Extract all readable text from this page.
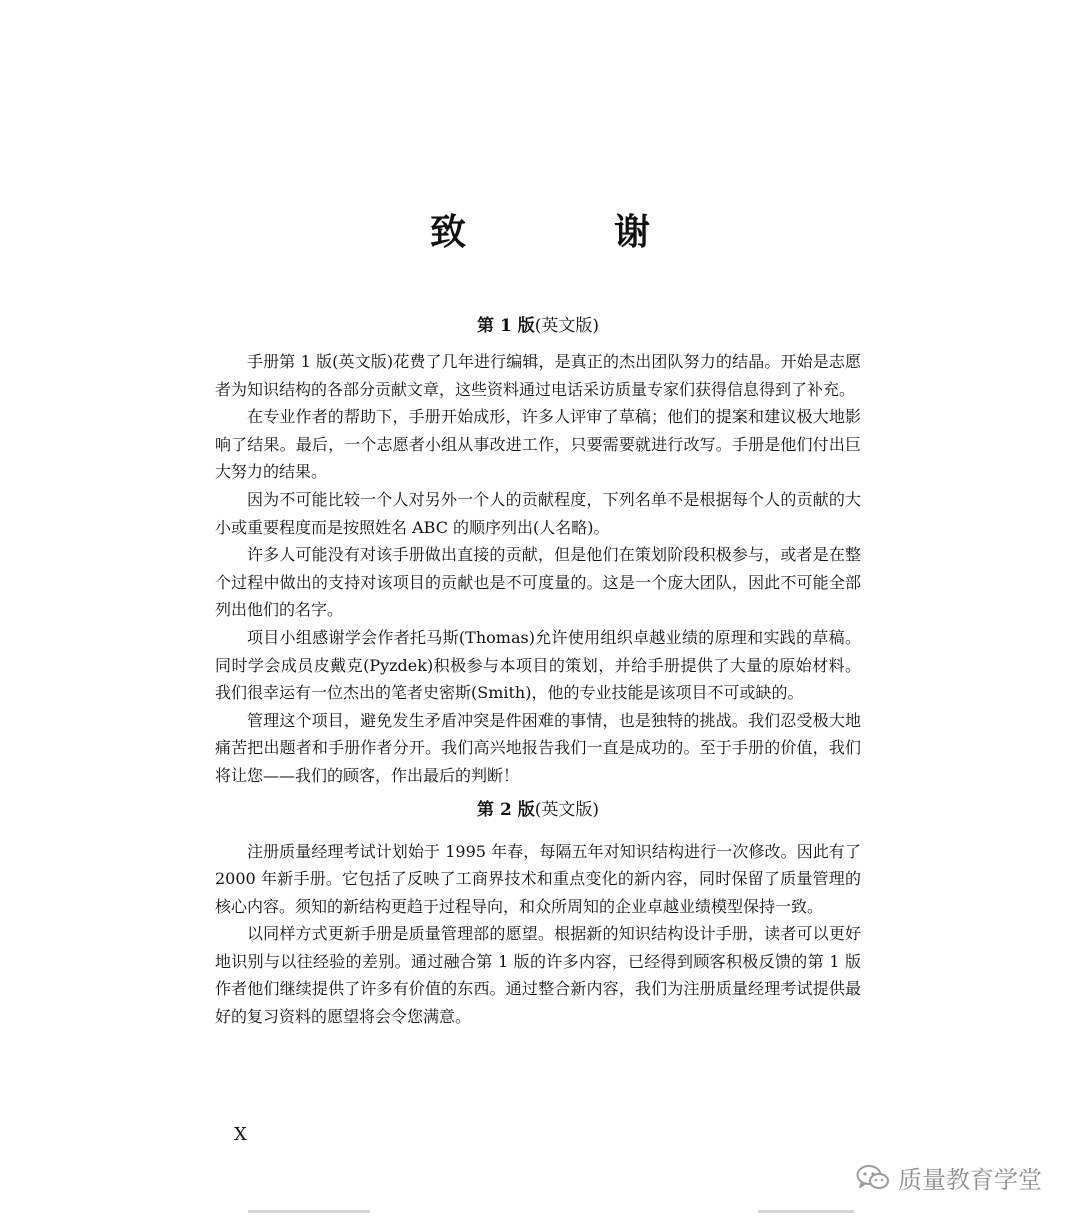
致　谢
第 1 版(英文版)

手册第 1 版(英文版)花费了几年进行编辑，是真正的杰出团队努力的结晶。开始是志愿者为知识结构的各部分贡献文章，这些资料通过电话采访质量专家们获得信息得到了补充。

在专业作者的帮助下，手册开始成形，许多人评审了草稿；他们的提案和建议极大地影响了结果。最后，一个志愿者小组从事改进工作，只要需要就进行改写。手册是他们付出巨大努力的结果。

因为不可能比较一个人对另外一个人的贡献程度，下列名单不是根据每个人的贡献的大小或重要程度而是按照姓名 ABC 的顺序列出(人名略)。

许多人可能没有对该手册做出直接的贡献，但是他们在策划阶段积极参与，或者是在整个过程中做出的支持对该项目的贡献也是不可度量的。这是一个庞大团队，因此不可能全部列出他们的名字。

项目小组感谢学会作者托马斯(Thomas)允许使用组织卓越业绩的原理和实践的草稿。同时学会成员皮戴克(Pyzdek)积极参与本项目的策划，并给手册提供了大量的原始材料。我们很幸运有一位杰出的笔者史密斯(Smith)，他的专业技能是该项目不可或缺的。

管理这个项目，避免发生矛盾冲突是件困难的事情，也是独特的挑战。我们忍受极大地痛苦把出题者和手册作者分开。我们高兴地报告我们一直是成功的。至于手册的价值，我们将让您——我们的顾客，作出最后的判断！

第 2 版(英文版)

注册质量经理考试计划始于 1995 年春，每隔五年对知识结构进行一次修改。因此有了 2000 年新手册。它包括了反映了工商界技术和重点变化的新内容，同时保留了质量管理的核心内容。须知的新结构更趋于过程导向，和众所周知的企业卓越业绩模型保持一致。

以同样方式更新手册是质量管理部的愿望。根据新的知识结构设计手册，读者可以更好地识别与以往经验的差别。通过融合第 1 版的许多内容，已经得到顾客积极反馈的第 1 版作者他们继续提供了许多有价值的东西。通过整合新内容，我们为注册质量经理考试提供最好的复习资料的愿望将会令您满意。

X
质量教育学堂
